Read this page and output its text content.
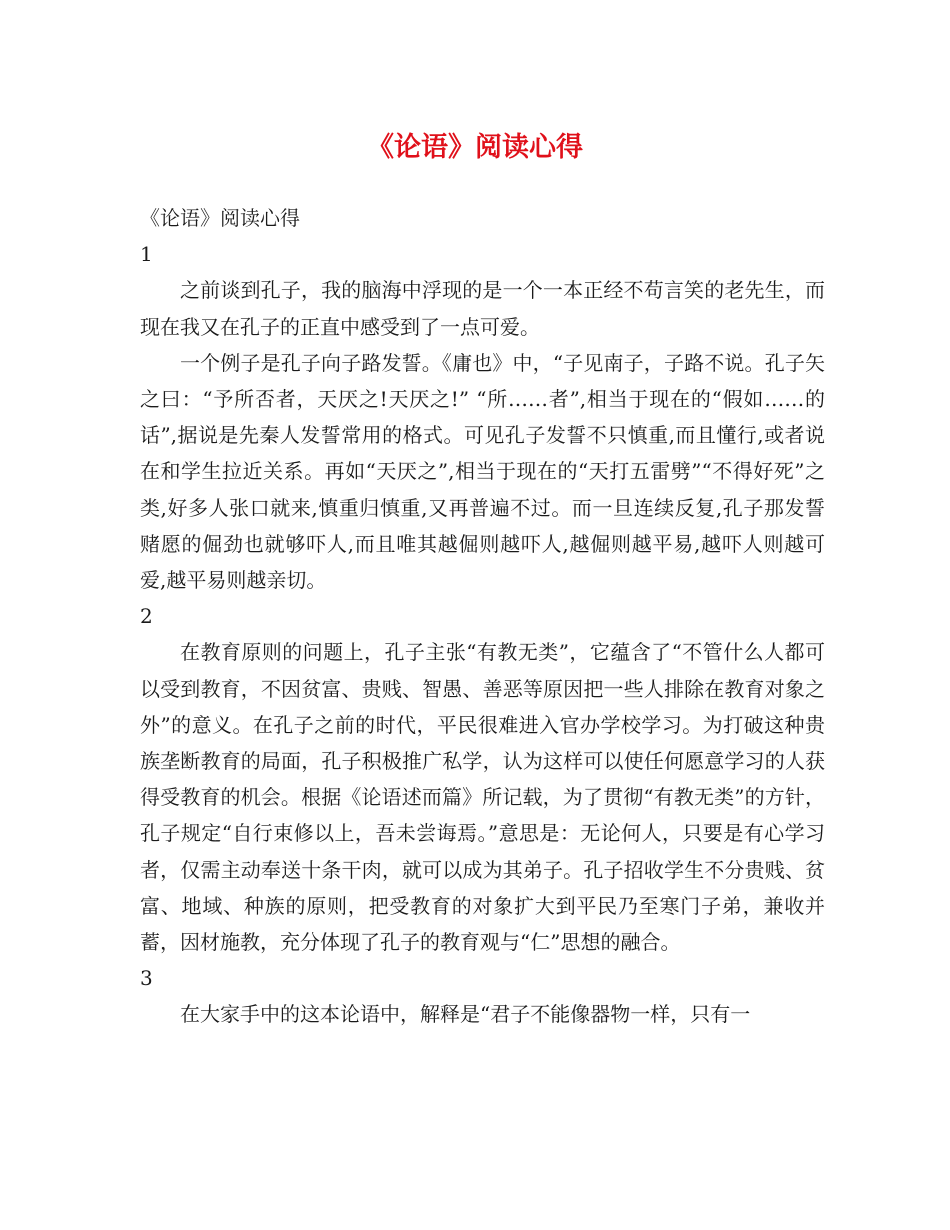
《论语》阅读心得

《论语》阅读心得

1

之前谈到孔子，我的脑海中浮现的是一个一本正经不苟言笑的老先生，而现在我又在孔子的正直中感受到了一点可爱。

一个例子是孔子向子路发誓。《庸也》中，“子见南子，子路不说。孔子矢之曰：“予所否者，天厌之!天厌之!” “所……者”,相当于现在的“假如……的话”,据说是先秦人发誓常用的格式。可见孔子发誓不只慎重,而且懂行,或者说在和学生拉近关系。再如“天厌之”,相当于现在的“天打五雷劈”“不得好死”之类,好多人张口就来,慎重归慎重,又再普遍不过。而一旦连续反复,孔子那发誓赌愿的倔劲也就够吓人,而且唯其越倔则越吓人,越倔则越平易,越吓人则越可爱,越平易则越亲切。

2

在教育原则的问题上，孔子主张“有教无类”，它蕴含了“不管什么人都可以受到教育，不因贫富、贵贱、智愚、善恶等原因把一些人排除在教育对象之外”的意义。在孔子之前的时代，平民很难进入官办学校学习。为打破这种贵族垄断教育的局面，孔子积极推广私学，认为这样可以使任何愿意学习的人获得受教育的机会。根据《论语述而篇》所记载，为了贯彻“有教无类”的方针，孔子规定“自行束修以上，吾未尝诲焉。”意思是：无论何人，只要是有心学习者，仅需主动奉送十条干肉，就可以成为其弟子。孔子招收学生不分贵贱、贫富、地域、种族的原则，把受教育的对象扩大到平民乃至寒门子弟，兼收并蓄，因材施教，充分体现了孔子的教育观与“仁”思想的融合。

3

在大家手中的这本论语中，解释是“君子不能像器物一样，只有一
